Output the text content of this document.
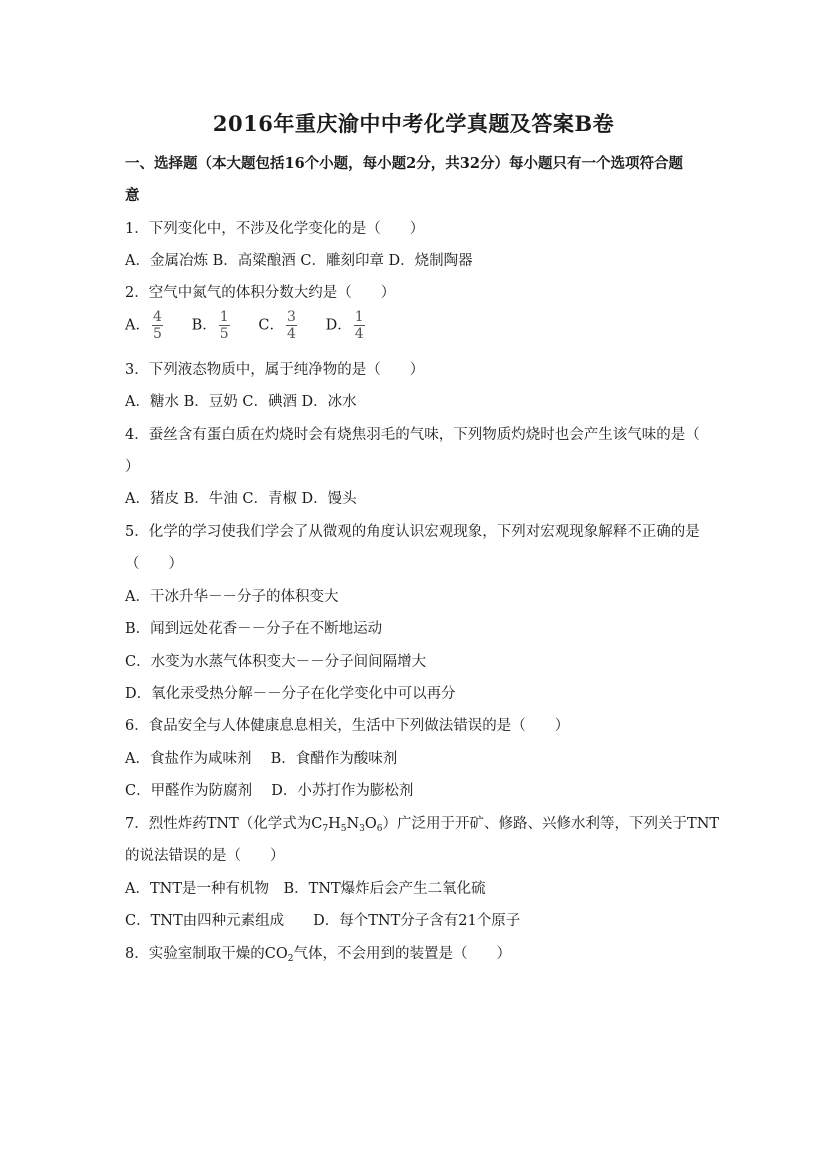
2016年重庆渝中中考化学真题及答案B卷
一、选择题（本大题包括16个小题，每小题2分，共32分）每小题只有一个选项符合题
意
1．下列变化中，不涉及化学变化的是（　　）
A．金属冶炼 B．高粱酿酒 C．雕刻印章 D．烧制陶器
2．空气中氮气的体积分数大约是（　　）
A． $\frac{4}{5}$ B． $\frac{1}{5}$ C． $\frac{3}{4}$ D． $\frac{1}{4}$
3．下列液态物质中，属于纯净物的是（　　）
A．糖水 B．豆奶 C．碘酒 D．冰水
4．蚕丝含有蛋白质在灼烧时会有烧焦羽毛的气味，下列物质灼烧时也会产生该气味的是（
）
A．猪皮 B．牛油 C．青椒 D．馒头
5．化学的学习使我们学会了从微观的角度认识宏观现象，下列对宏观现象解释不正确的是
（　　）
A．干冰升华－－分子的体积变大
B．闻到远处花香－－分子在不断地运动
C．水变为水蒸气体积变大－－分子间间隔增大
D．氧化汞受热分解－－分子在化学变化中可以再分
6．食品安全与人体健康息息相关，生活中下列做法错误的是（　　）
A．食盐作为咸味剂　 B．食醋作为酸味剂
C．甲醛作为防腐剂　 D．小苏打作为膨松剂
7．烈性炸药TNT（化学式为$C_7H_5N_3O_6$）广泛用于开矿、修路、兴修水利等，下列关于TNT
的说法错误的是（　　）
A．TNT是一种有机物　B．TNT爆炸后会产生二氧化硫
C．TNT由四种元素组成　　D．每个TNT分子含有21个原子
8．实验室制取干燥的$CO_2$气体，不会用到的装置是（　　）
